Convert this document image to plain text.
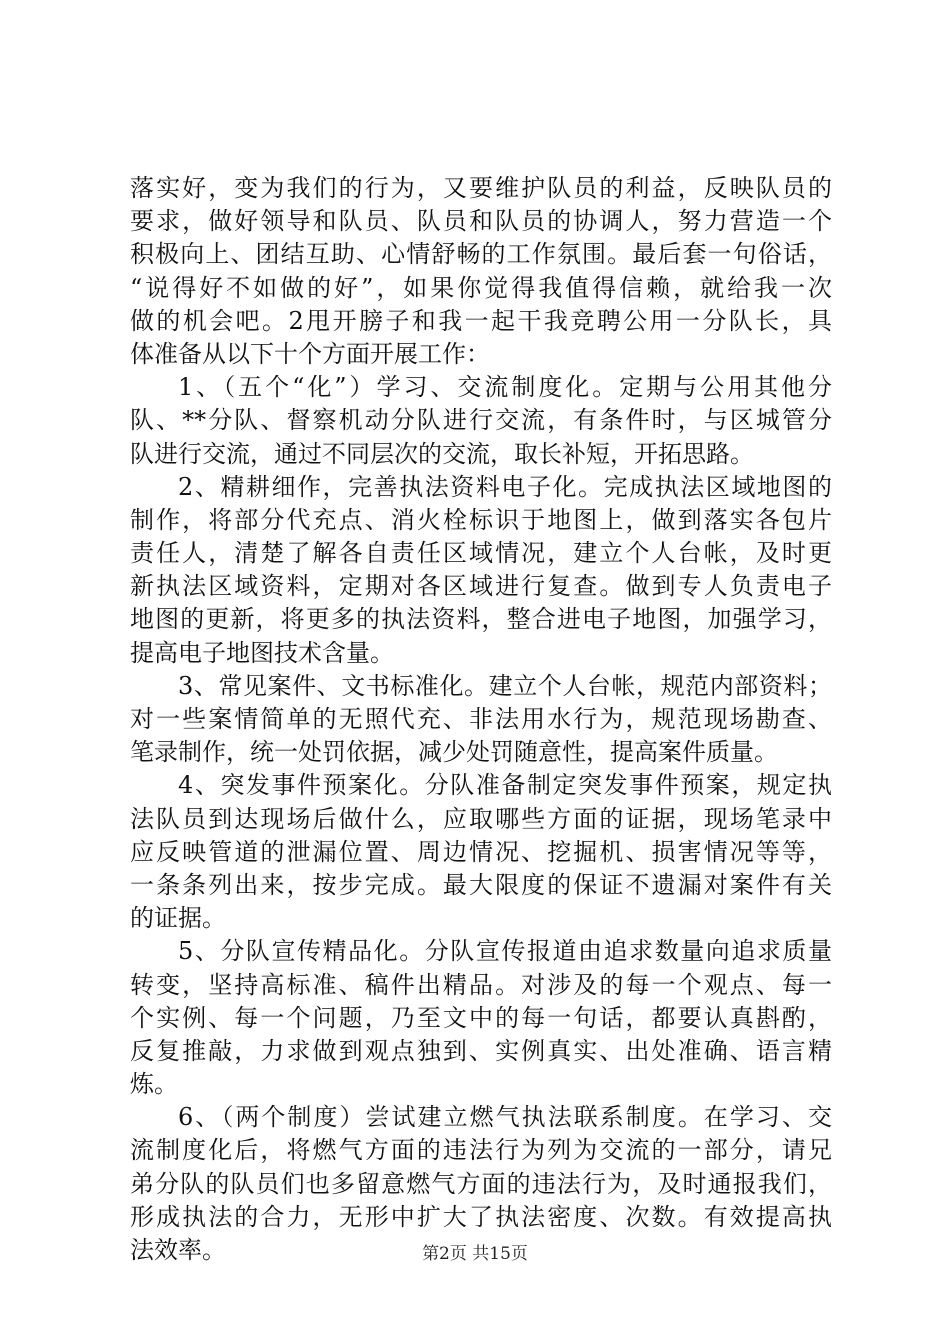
落实好，变为我们的行为，又要维护队员的利益，反映队员的
要求，做好领导和队员、队员和队员的协调人，努力营造一个
积极向上、团结互助、心情舒畅的工作氛围。最后套一句俗话，
“说得好不如做的好”，如果你觉得我值得信赖，就给我一次
做的机会吧。2甩开膀子和我一起干我竞聘公用一分队长，具
体准备从以下十个方面开展工作：
1、（五个“化”）学习、交流制度化。定期与公用其他分
队、**分队、督察机动分队进行交流，有条件时，与区城管分
队进行交流，通过不同层次的交流，取长补短，开拓思路。
2、精耕细作，完善执法资料电子化。完成执法区域地图的
制作，将部分代充点、消火栓标识于地图上，做到落实各包片
责任人，清楚了解各自责任区域情况，建立个人台帐，及时更
新执法区域资料，定期对各区域进行复查。做到专人负责电子
地图的更新，将更多的执法资料，整合进电子地图，加强学习，
提高电子地图技术含量。
3、常见案件、文书标准化。建立个人台帐，规范内部资料；
对一些案情简单的无照代充、非法用水行为，规范现场勘查、
笔录制作，统一处罚依据，减少处罚随意性，提高案件质量。
4、突发事件预案化。分队准备制定突发事件预案，规定执
法队员到达现场后做什么，应取哪些方面的证据，现场笔录中
应反映管道的泄漏位置、周边情况、挖掘机、损害情况等等，
一条条列出来，按步完成。最大限度的保证不遗漏对案件有关
的证据。
5、分队宣传精品化。分队宣传报道由追求数量向追求质量
转变，坚持高标准、稿件出精品。对涉及的每一个观点、每一
个实例、每一个问题，乃至文中的每一句话，都要认真斟酌，
反复推敲，力求做到观点独到、实例真实、出处准确、语言精
炼。
6、（两个制度）尝试建立燃气执法联系制度。在学习、交
流制度化后，将燃气方面的违法行为列为交流的一部分，请兄
弟分队的队员们也多留意燃气方面的违法行为，及时通报我们，
形成执法的合力，无形中扩大了执法密度、次数。有效提高执
法效率。	第2页 共15页
